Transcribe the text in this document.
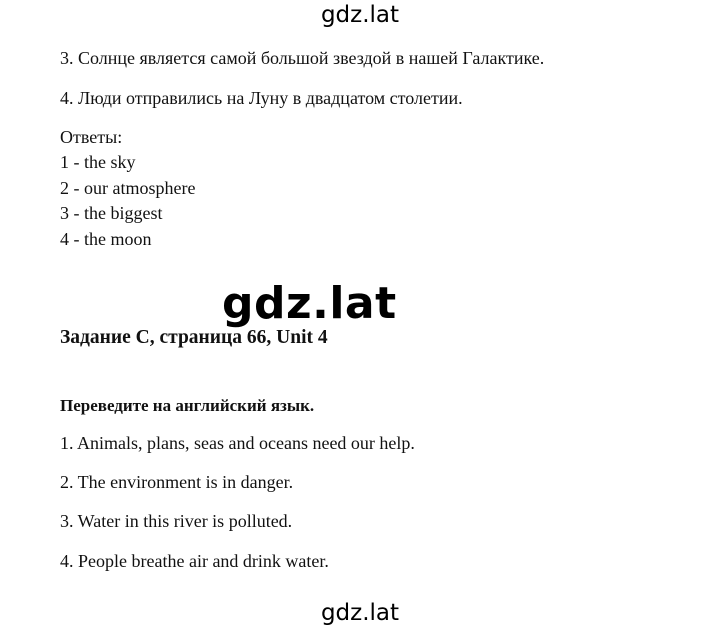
gdz.lat
3. Солнце является самой большой звездой в нашей Галактике.
4. Люди отправились на Луну в двадцатом столетии.
Ответы:
1 - the sky
2 - our atmosphere
3 - the biggest
4 - the moon
gdz.lat
Задание C, страница 66, Unit 4
Переведите на английский язык.
1. Animals, plans, seas and oceans need our help.
2. The environment is in danger.
3. Water in this river is polluted.
4. People breathe air and drink water.
gdz.lat
